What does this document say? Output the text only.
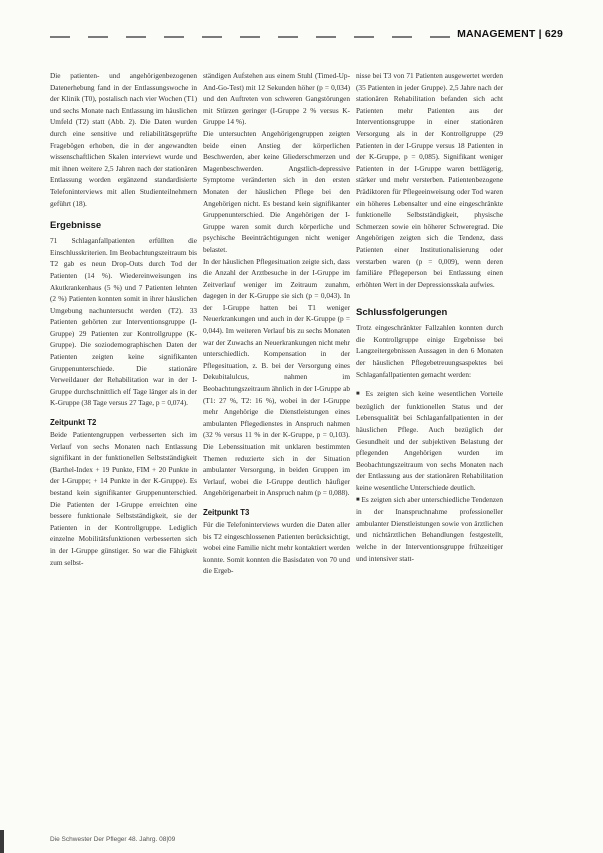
MANAGEMENT | 629

Die patienten- und angehörigenbezogenen Datenerhebung fand in der Entlassungswoche in der Klinik (T0), postalisch nach vier Wochen (T1) und sechs Monate nach Entlassung im häuslichen Umfeld (T2) statt (Abb. 2). Die Daten wurden durch eine sensitive und reliabilitätsgeprüfte Fragebögen erhoben, die in der angewandten wissenschaftlichen Skalen interviewt wurde und mit ihnen weitere 2,5 Jahren nach der stationären Entlassung worden ergänzend standardisierte Telefoninterviews mit allen Studienteilnehmern geführt (18).

Ergebnisse

71 Schlaganfallpatienten erfüllten die Einschlusskriterien. Im Beobachtungszeitraum bis T2 gab es neun Drop-Outs durch Tod der Patienten (14 %). Wiedereinweisungen ins Akutkrankenhaus (5 %) und 7 Patienten lehnten (2 %) Patienten konnten somit in ihrer häuslichen Umgebung nachuntersucht werden (T2). 33 Patienten gehörten zur Interventionsgruppe (I-Gruppe) 29 Patienten zur Kontrollgruppe (K-Gruppe). Die soziodemographischen Daten der Patienten zeigten keine signifikanten Gruppenunterschiede. Die stationäre Verweildauer der Rehabilitation war in der I-Gruppe durchschnittlich elf Tage länger als in der K-Gruppe (38 Tage versus 27 Tage, p = 0,074).

Zeitpunkt T2

Beide Patientengruppen verbesserten sich im Verlauf von sechs Monaten nach Entlassung signifikant in der funktionellen Selbstständigkeit (Barthel-Index + 19 Punkte, FIM + 20 Punkte in der I-Gruppe; + 14 Punkte in der K-Gruppe). Es bestand kein signifikanter Gruppenunterschied. Die Patienten der I-Gruppe erreichten eine bessere funktionale Selbstständigkeit, sie der Patienten in der Kontrollgruppe. Lediglich einzelne Mobilitätsfunktionen verbesserten sich in der I-Gruppe günstiger. So war die Fähigkeit zum selbst-

ständigen Aufstehen aus einem Stuhl (Timed-Up-And-Go-Test) mit 12 Sekunden höher (p = 0,034) und den Auftreten von schweren Gangstörungen mit Stürzen geringer (I-Gruppe 2 % versus K-Gruppe 14 %).

Die untersuchten Angehörigengruppen zeigten beide einen Anstieg der körperlichen Beschwerden, aber keine Gliederschmerzen und Magenbeschwerden. Angstlich-depressive Symptome veränderten sich in den ersten Monaten der häuslichen Pflege bei den Angehörigen nicht. Es bestand kein signifikanter Gruppenunterschied. Die Angehörigen der I-Gruppe waren somit durch körperliche und psychische Beeinträchtigungen nicht weniger belastet.

In der häuslichen Pflegesituation zeigte sich, dass die Anzahl der Arztbesuche in der I-Gruppe im Zeitverlauf weniger im Zeitraum zunahm, dagegen in der K-Gruppe sie sich (p = 0,043). In der I-Gruppe hatten bei T1 weniger Neuerkrankungen und auch in der K-Gruppe (p = 0,044). Im weiteren Verlauf bis zu sechs Monaten war der Zuwachs an Neuerkrankungen nicht mehr unterschiedlich. Kompensation in der Pflegesituation, z. B. bei der Versorgung eines Dekubitalulcus, nahmen im Beobachtungszeitraum ähnlich in der I-Gruppe ab (T1: 27 %, T2: 16 %), wobei in der I-Gruppe mehr Angehörige die Dienstleistungen eines ambulanten Pflegedienstes in Anspruch nahmen (32 % versus 11 % in der K-Gruppe, p = 0,103). Die Lebenssituation mit unklaren bestimmten Themen reduzierte sich in der Situation ambulanter Versorgung, in beiden Gruppen im Verlauf, wobei die I-Gruppe deutlich häufiger Angehörigenarbeit in Anspruch nahm (p = 0,088).

Zeitpunkt T3

Für die Telefoninterviews wurden die Daten aller bis T2 eingeschlossenen Patienten berücksichtigt, wobei eine Familie nicht mehr kontaktiert werden konnte. Somit konnten die Basisdaten von 70 und die Ergeb-

nisse bei T3 von 71 Patienten ausgewertet werden (35 Patienten in jeder Gruppe). 2,5 Jahre nach der stationären Rehabilitation befanden sich acht Patienten mehr Patienten aus der Interventionsgruppe in einer stationären Versorgung als in der Kontrollgruppe (29 Patienten in der I-Gruppe versus 18 Patienten in der K-Gruppe, p = 0,085). Signifikant weniger Patienten in der I-Gruppe waren bettlägerig, stärker und mehr versterben. Patientenbezogene Prädiktoren für Pflegeeinweisung oder Tod waren ein höheres Lebensalter und eine eingeschränkte funktionelle Selbstständigkeit, physische Schmerzen sowie ein höherer Schweregrad. Die Angehörigen zeigten sich die Tendenz, dass Patienten einer Institutionalisierung oder verstarben waren (p = 0,009), wenn deren familiäre Pflegeperson bei Entlassung einen erhöhten Wert in der Depressionsskala aufwies.

Schlussfolgerungen

Trotz eingeschränkter Fallzahlen konnten durch die Kontrollgruppe einige Ergebnisse bei Langzeitergebnissen Aussagen in den 6 Monaten der häuslichen Pflegebetreuungsaspektes bei Schlaganfallpatienten gemacht werden:

■ Es zeigten sich keine wesentlichen Vorteile bezüglich der funktionellen Status und der Lebensqualität bei Schlaganfallpatienten in der häuslichen Pflege. Auch bezüglich der Gesundheit und der subjektiven Belastung der pflegenden Angehörigen wurden im Beobachtungszeitraum von sechs Monaten nach der Entlassung aus der stationären Rehabilitation keine wesentliche Unterschiede deutlich.

■ Es zeigten sich aber unterschiedliche Tendenzen in der Inanspruchnahme professioneller ambulanter Dienstleistungen sowie von ärztlichen und nichtärztlichen Behandlungen festgestellt, welche in der Interventionsgruppe frühzeitiger und intensiver statt-

Die Schwester Der Pfleger 48. Jahrg. 08|09
